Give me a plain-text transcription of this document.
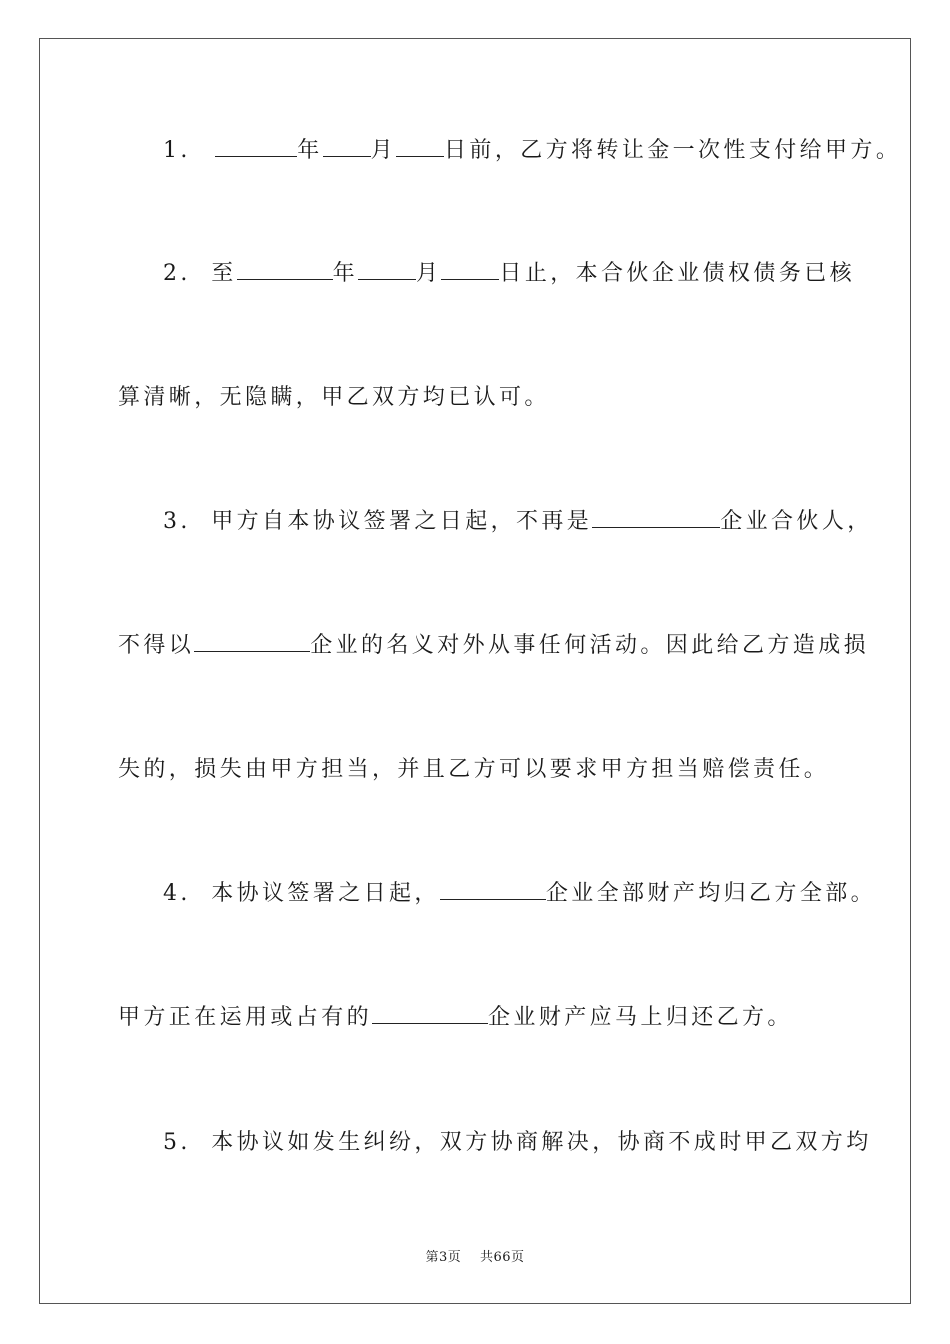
1.	年 月 日前，乙方将转让金一次性支付给甲方。
2. 至	年	月	日止，本合伙企业债权债务已核
算清晰，无隐瞒，甲乙双方均已认可。
3. 甲方自本协议签署之日起，不再是	企业合伙人，
不得以	企业的名义对外从事任何活动。因此给乙方造成损
失的，损失由甲方担当，并且乙方可以要求甲方担当赔偿责任。
4. 本协议签署之日起，	企业全部财产均归乙方全部。
甲方正在运用或占有的	企业财产应马上归还乙方。
5. 本协议如发生纠纷，双方协商解决，协商不成时甲乙双方均
第3页 共66页
